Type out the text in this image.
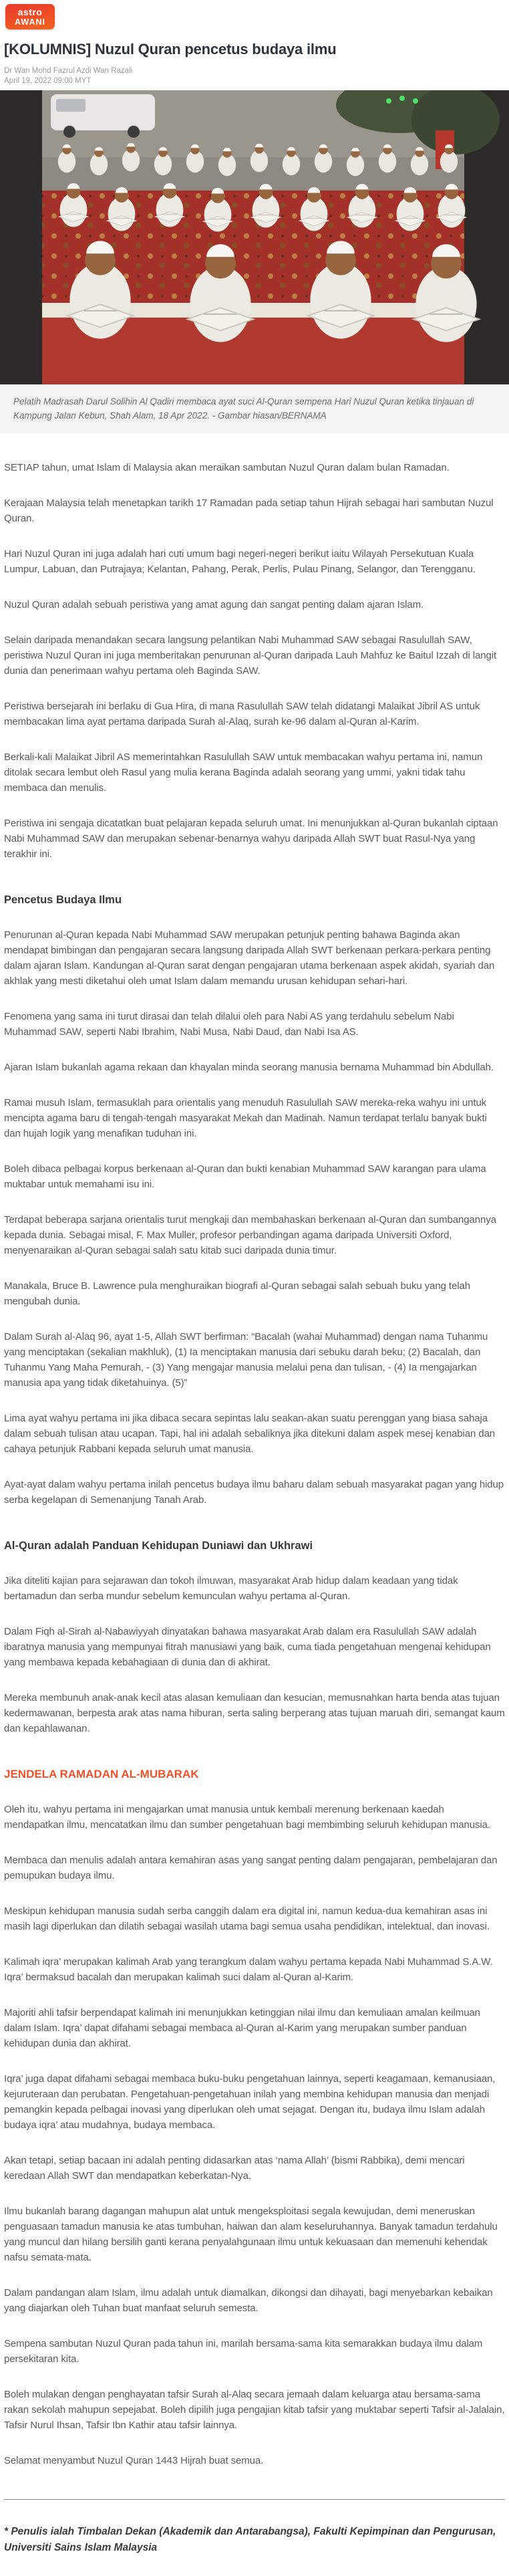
astro
AWANI
[KOLUMNIS] Nuzul Quran pencetus budaya ilmu
Dr Wan Mohd Fazrul Azdi Wan Razali
April 19, 2022 09:00 MYT
Pelatih Madrasah Darul Solihin Al Qadiri membaca ayat suci Al-Quran sempena Hari Nuzul Quran ketika tinjauan di Kampung Jalan Kebun, Shah Alam, 18 Apr 2022. - Gambar hiasan/BERNAMA

SETIAP tahun, umat Islam di Malaysia akan meraikan sambutan Nuzul Quran dalam bulan Ramadan.

Kerajaan Malaysia telah menetapkan tarikh 17 Ramadan pada setiap tahun Hijrah sebagai hari sambutan Nuzul Quran.

Hari Nuzul Quran ini juga adalah hari cuti umum bagi negeri-negeri berikut iaitu Wilayah Persekutuan Kuala Lumpur, Labuan, dan Putrajaya; Kelantan, Pahang, Perak, Perlis, Pulau Pinang, Selangor, dan Terengganu.

Nuzul Quran adalah sebuah peristiwa yang amat agung dan sangat penting dalam ajaran Islam.

Selain daripada menandakan secara langsung pelantikan Nabi Muhammad SAW sebagai Rasulullah SAW, peristiwa Nuzul Quran ini juga memberitakan penurunan al-Quran daripada Lauh Mahfuz ke Baitul Izzah di langit dunia dan penerimaan wahyu pertama oleh Baginda SAW.

Peristiwa bersejarah ini berlaku di Gua Hira, di mana Rasulullah SAW telah didatangi Malaikat Jibril AS untuk membacakan lima ayat pertama daripada Surah al-Alaq, surah ke-96 dalam al-Quran al-Karim.

Berkali-kali Malaikat Jibril AS memerintahkan Rasulullah SAW untuk membacakan wahyu pertama ini, namun ditolak secara lembut oleh Rasul yang mulia kerana Baginda adalah seorang yang ummi, yakni tidak tahu membaca dan menulis.

Peristiwa ini sengaja dicatatkan buat pelajaran kepada seluruh umat. Ini menunjukkan al-Quran bukanlah ciptaan Nabi Muhammad SAW dan merupakan sebenar-benarnya wahyu daripada Allah SWT buat Rasul-Nya yang terakhir ini.

Pencetus Budaya Ilmu

Penurunan al-Quran kepada Nabi Muhammad SAW merupakan petunjuk penting bahawa Baginda akan mendapat bimbingan dan pengajaran secara langsung daripada Allah SWT berkenaan perkara-perkara penting dalam ajaran Islam. Kandungan al-Quran sarat dengan pengajaran utama berkenaan aspek akidah, syariah dan akhlak yang mesti diketahui oleh umat Islam dalam memandu urusan kehidupan sehari-hari.

Fenomena yang sama ini turut dirasai dan telah dilalui oleh para Nabi AS yang terdahulu sebelum Nabi Muhammad SAW, seperti Nabi Ibrahim, Nabi Musa, Nabi Daud, dan Nabi Isa AS.

Ajaran Islam bukanlah agama rekaan dan khayalan minda seorang manusia bernama Muhammad bin Abdullah.

Ramai musuh Islam, termasuklah para orientalis yang menuduh Rasulullah SAW mereka-reka wahyu ini untuk mencipta agama baru di tengah-tengah masyarakat Mekah dan Madinah. Namun terdapat terlalu banyak bukti dan hujah logik yang menafikan tuduhan ini.

Boleh dibaca pelbagai korpus berkenaan al-Quran dan bukti kenabian Muhammad SAW karangan para ulama muktabar untuk memahami isu ini.

Terdapat beberapa sarjana orientalis turut mengkaji dan membahaskan berkenaan al-Quran dan sumbangannya kepada dunia. Sebagai misal, F. Max Muller, profesor perbandingan agama daripada Universiti Oxford, menyenaraikan al-Quran sebagai salah satu kitab suci daripada dunia timur.

Manakala, Bruce B. Lawrence pula menghuraikan biografi al-Quran sebagai salah sebuah buku yang telah mengubah dunia.

Dalam Surah al-Alaq 96, ayat 1-5, Allah SWT berfirman: “Bacalah (wahai Muhammad) dengan nama Tuhanmu yang menciptakan (sekalian makhluk), (1) Ia menciptakan manusia dari sebuku darah beku; (2) Bacalah, dan Tuhanmu Yang Maha Pemurah, - (3) Yang mengajar manusia melalui pena dan tulisan, - (4) Ia mengajarkan manusia apa yang tidak diketahuinya. (5)”

Lima ayat wahyu pertama ini jika dibaca secara sepintas lalu seakan-akan suatu perenggan yang biasa sahaja dalam sebuah tulisan atau ucapan. Tapi, hal ini adalah sebaliknya jika ditekuni dalam aspek mesej kenabian dan cahaya petunjuk Rabbani kepada seluruh umat manusia.

Ayat-ayat dalam wahyu pertama inilah pencetus budaya ilmu baharu dalam sebuah masyarakat pagan yang hidup serba kegelapan di Semenanjung Tanah Arab.

Al-Quran adalah Panduan Kehidupan Duniawi dan Ukhrawi

Jika diteliti kajian para sejarawan dan tokoh ilmuwan, masyarakat Arab hidup dalam keadaan yang tidak bertamadun dan serba mundur sebelum kemunculan wahyu pertama al-Quran.

Dalam Fiqh al-Sirah al-Nabawiyyah dinyatakan bahawa masyarakat Arab dalam era Rasulullah SAW adalah ibaratnya manusia yang mempunyai fitrah manusiawi yang baik, cuma tiada pengetahuan mengenai kehidupan yang membawa kepada kebahagiaan di dunia dan di akhirat.

Mereka membunuh anak-anak kecil atas alasan kemuliaan dan kesucian, memusnahkan harta benda atas tujuan kedermawanan, berpesta arak atas nama hiburan, serta saling berperang atas tujuan maruah diri, semangat kaum dan kepahlawanan.

JENDELA RAMADAN AL-MUBARAK

Oleh itu, wahyu pertama ini mengajarkan umat manusia untuk kembali merenung berkenaan kaedah mendapatkan ilmu, mencatatkan ilmu dan sumber pengetahuan bagi membimbing seluruh kehidupan manusia.

Membaca dan menulis adalah antara kemahiran asas yang sangat penting dalam pengajaran, pembelajaran dan pemupukan budaya ilmu.

Meskipun kehidupan manusia sudah serba canggih dalam era digital ini, namun kedua-dua kemahiran asas ini masih lagi diperlukan dan dilatih sebagai wasilah utama bagi semua usaha pendidikan, intelektual, dan inovasi.

Kalimah iqra’ merupakan kalimah Arab yang terangkum dalam wahyu pertama kepada Nabi Muhammad S.A.W. Iqra’ bermaksud bacalah dan merupakan kalimah suci dalam al-Quran al-Karim.

Majoriti ahli tafsir berpendapat kalimah ini menunjukkan ketinggian nilai ilmu dan kemuliaan amalan keilmuan dalam Islam. Iqra’ dapat difahami sebagai membaca al-Quran al-Karim yang merupakan sumber panduan kehidupan dunia dan akhirat.

Iqra’ juga dapat difahami sebagai membaca buku-buku pengetahuan lainnya, seperti keagamaan, kemanusiaan, kejuruteraan dan perubatan. Pengetahuan-pengetahuan inilah yang membina kehidupan manusia dan menjadi pemangkin kepada pelbagai inovasi yang diperlukan oleh umat sejagat. Dengan itu, budaya ilmu Islam adalah budaya iqra’ atau mudahnya, budaya membaca.

Akan tetapi, setiap bacaan ini adalah penting didasarkan atas ‘nama Allah’ (bismi Rabbika), demi mencari keredaan Allah SWT dan mendapatkan keberkatan-Nya.

Ilmu bukanlah barang dagangan mahupun alat untuk mengeksploitasi segala kewujudan, demi meneruskan penguasaan tamadun manusia ke atas tumbuhan, haiwan dan alam keseluruhannya. Banyak tamadun terdahulu yang muncul dan hilang bersilih ganti kerana penyalahgunaan ilmu untuk kekuasaan dan memenuhi kehendak nafsu semata-mata.

Dalam pandangan alam Islam, ilmu adalah untuk diamalkan, dikongsi dan dihayati, bagi menyebarkan kebaikan yang diajarkan oleh Tuhan buat manfaat seluruh semesta.

Sempena sambutan Nuzul Quran pada tahun ini, marilah bersama-sama kita semarakkan budaya ilmu dalam persekitaran kita.

Boleh mulakan dengan penghayatan tafsir Surah al-Alaq secara jemaah dalam keluarga atau bersama-sama rakan sekolah mahupun sepejabat. Boleh dipilih juga pengajian kitab tafsir yang muktabar seperti Tafsir al-Jalalain, Tafsir Nurul Ihsan, Tafsir Ibn Kathir atau tafsir lainnya.

Selamat menyambut Nuzul Quran 1443 Hijrah buat semua.

* Penulis ialah Timbalan Dekan (Akademik dan Antarabangsa), Fakulti Kepimpinan dan Pengurusan, Universiti Sains Islam Malaysia
